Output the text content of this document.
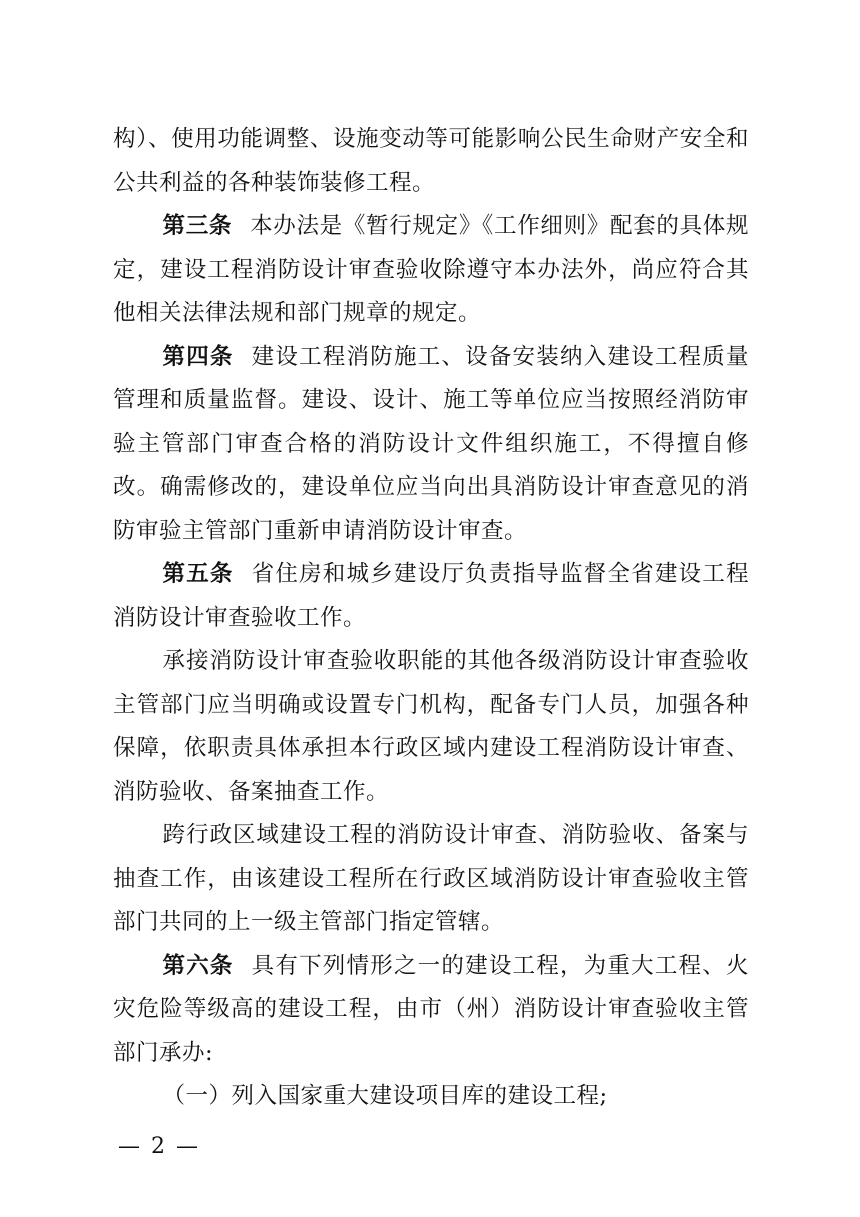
构）、使用功能调整、设施变动等可能影响公民生命财产安全和公共利益的各种装饰装修工程。

第三条 本办法是《暂行规定》《工作细则》配套的具体规定，建设工程消防设计审查验收除遵守本办法外，尚应符合其他相关法律法规和部门规章的规定。

第四条 建设工程消防施工、设备安装纳入建设工程质量管理和质量监督。建设、设计、施工等单位应当按照经消防审验主管部门审查合格的消防设计文件组织施工，不得擅自修改。确需修改的，建设单位应当向出具消防设计审查意见的消防审验主管部门重新申请消防设计审查。

第五条 省住房和城乡建设厅负责指导监督全省建设工程消防设计审查验收工作。

承接消防设计审查验收职能的其他各级消防设计审查验收主管部门应当明确或设置专门机构，配备专门人员，加强各种保障，依职责具体承担本行政区域内建设工程消防设计审查、消防验收、备案抽查工作。

跨行政区域建设工程的消防设计审查、消防验收、备案与抽查工作，由该建设工程所在行政区域消防设计审查验收主管部门共同的上一级主管部门指定管辖。

第六条 具有下列情形之一的建设工程，为重大工程、火灾危险等级高的建设工程，由市（州）消防设计审查验收主管部门承办:

（一）列入国家重大建设项目库的建设工程;

— 2 —
